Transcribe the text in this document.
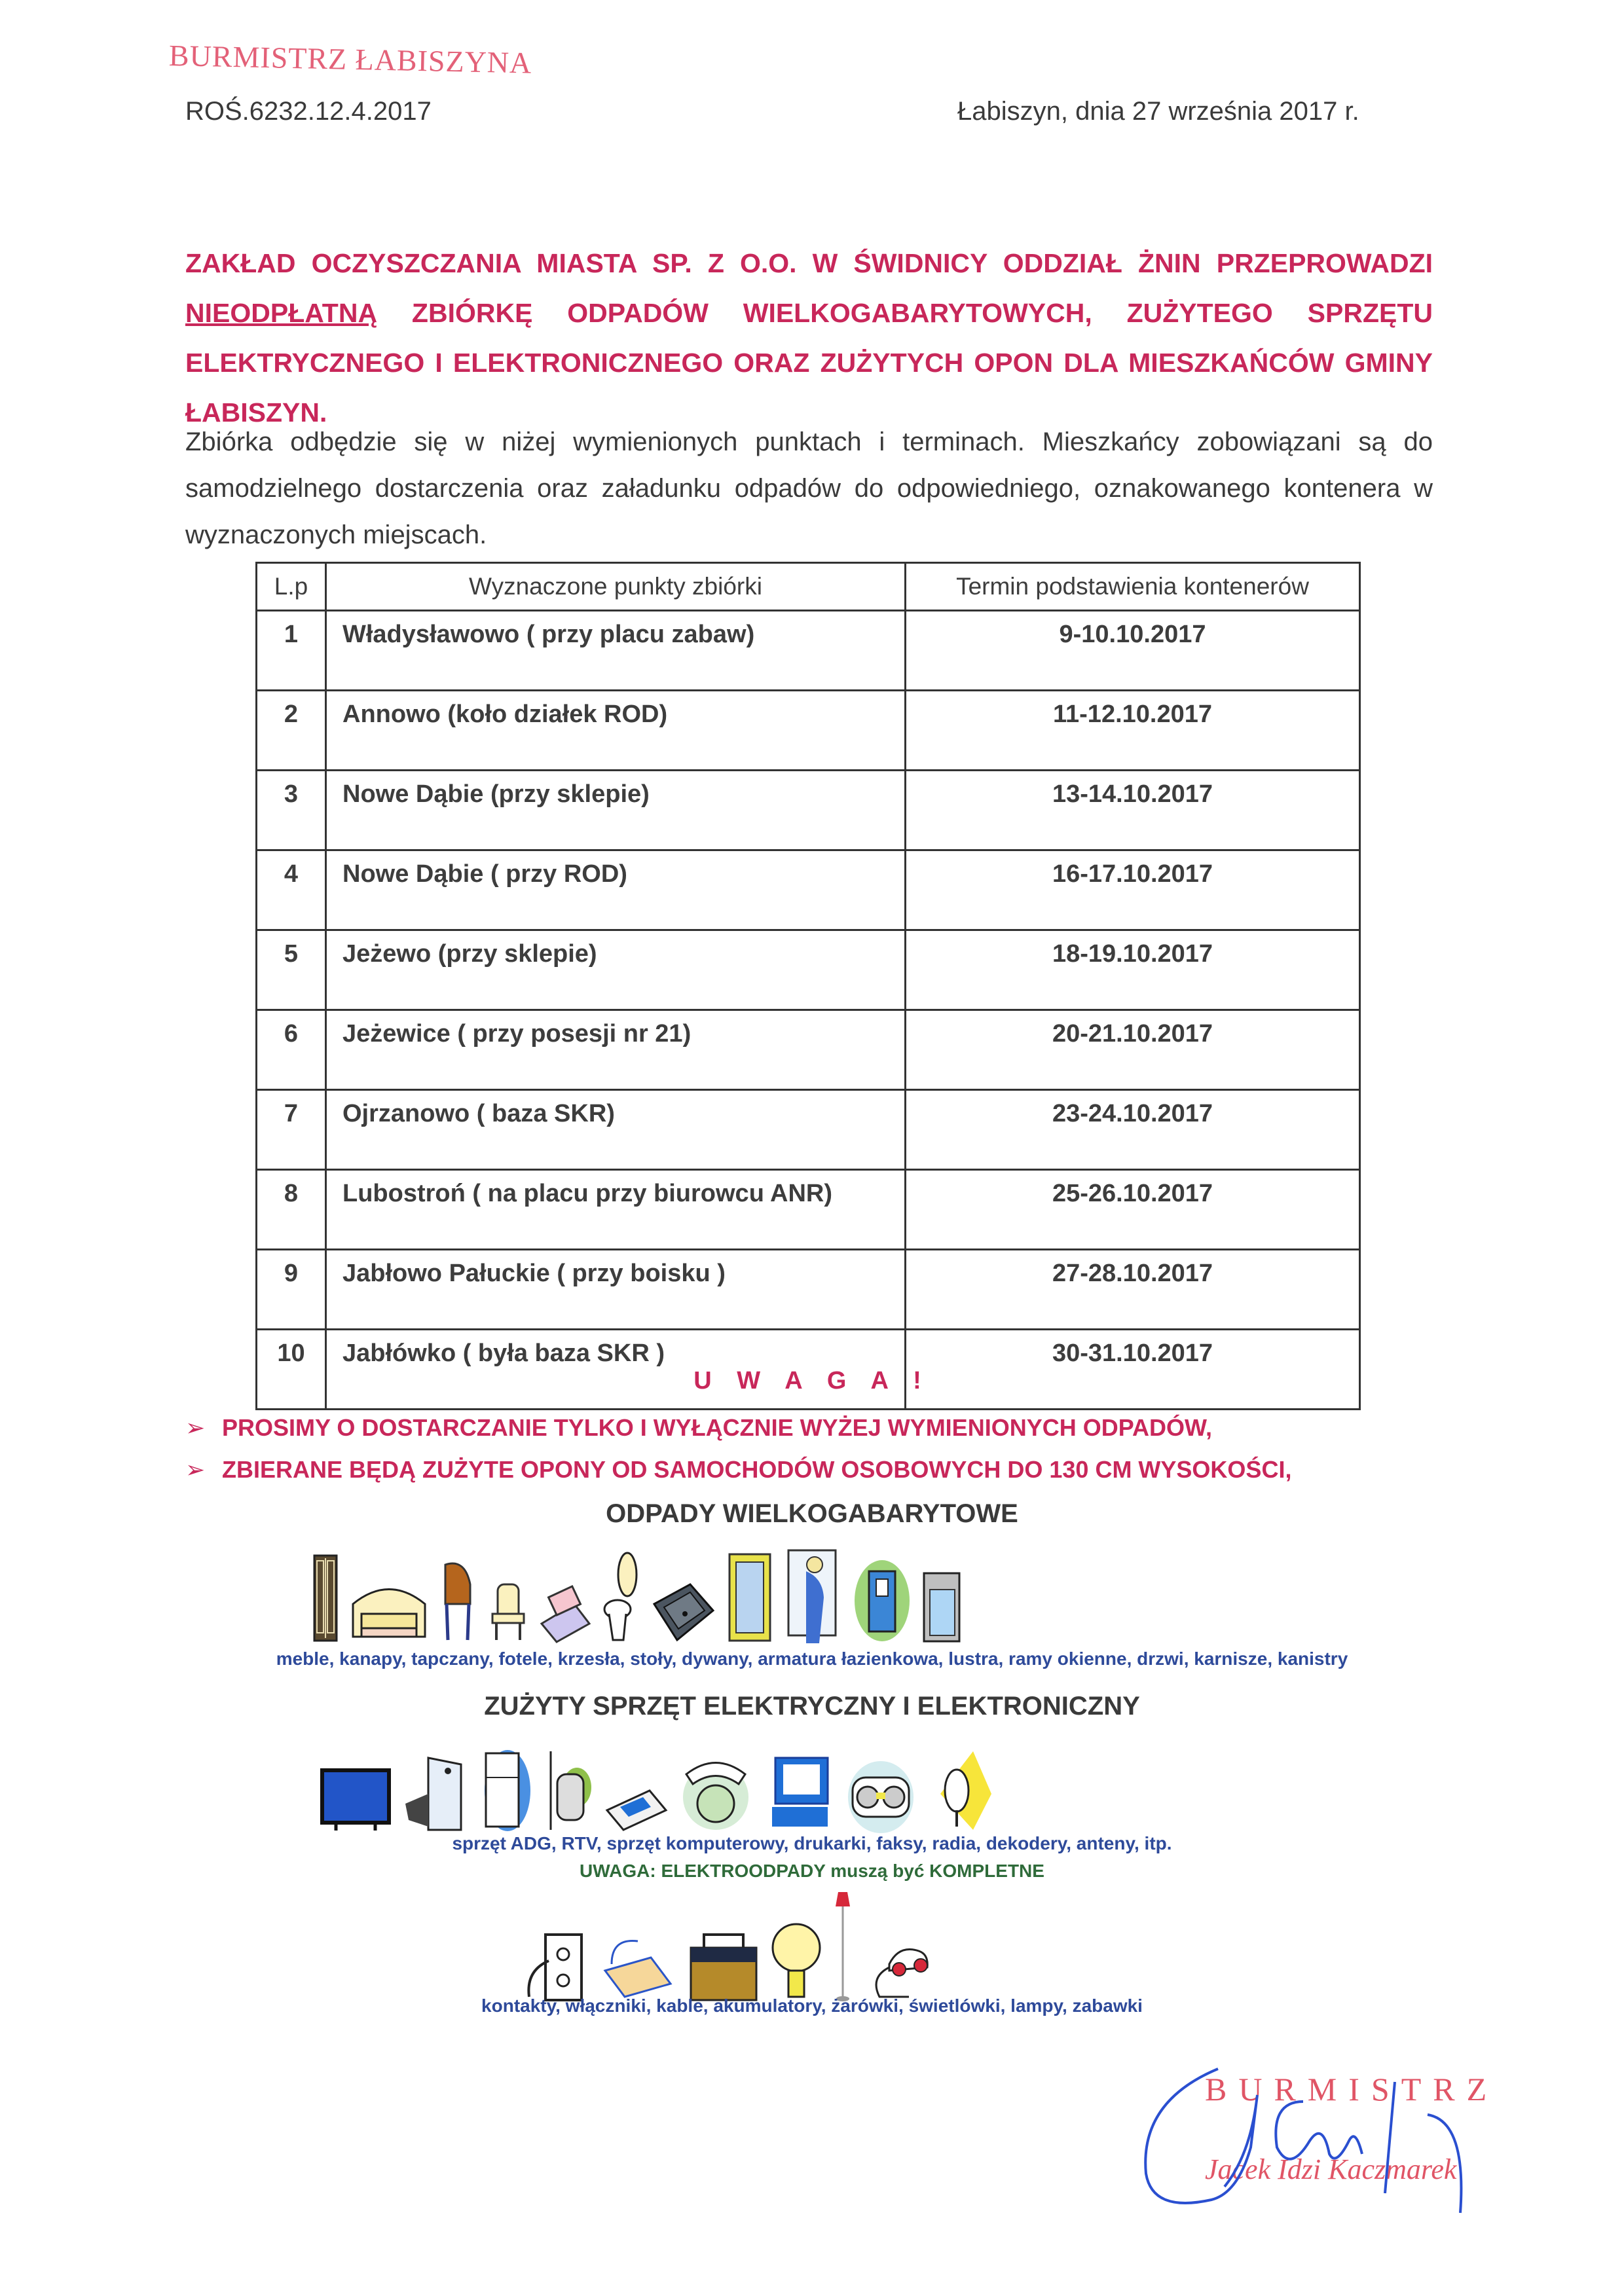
BURMISTRZ ŁABISZYNA
ROŚ.6232.12.4.2017	Łabiszyn, dnia 27 września 2017 r.
ZAKŁAD OCZYSZCZANIA MIASTA SP. Z O.O. W ŚWIDNICY ODDZIAŁ ŻNIN PRZEPROWADZI NIEODPŁATNĄ ZBIÓRKĘ ODPADÓW WIELKOGABARYTOWYCH, ZUŻYTEGO SPRZĘTU ELEKTRYCZNEGO I ELEKTRONICZNEGO ORAZ ZUŻYTYCH OPON DLA MIESZKAŃCÓW GMINY ŁABISZYN.
Zbiórka odbędzie się w niżej wymienionych punktach i terminach. Mieszkańcy zobowiązani są do samodzielnego dostarczenia oraz załadunku odpadów do odpowiedniego, oznakowanego kontenera w wyznaczonych miejscach.
L.p	Wyznaczone punkty zbiórki	Termin podstawienia kontenerów
1	Władysławowo ( przy placu zabaw)	9-10.10.2017
2	Annowo (koło działek ROD)	11-12.10.2017
3	Nowe Dąbie (przy sklepie)	13-14.10.2017
4	Nowe Dąbie ( przy ROD)	16-17.10.2017
5	Jeżewo (przy sklepie)	18-19.10.2017
6	Jeżewice ( przy posesji nr 21)	20-21.10.2017
7	Ojrzanowo ( baza SKR)	23-24.10.2017
8	Lubostroń ( na placu przy biurowcu ANR)	25-26.10.2017
9	Jabłowo Pałuckie ( przy boisku )	27-28.10.2017
10	Jabłówko ( była baza SKR )	30-31.10.2017
U W A G A !
➢ PROSIMY O DOSTARCZANIE TYLKO I WYŁĄCZNIE WYŻEJ WYMIENIONYCH ODPADÓW,
➢ ZBIERANE BĘDĄ ZUŻYTE OPONY OD SAMOCHODÓW OSOBOWYCH DO 130 CM WYSOKOŚCI,
ODPADY WIELKOGABARYTOWE
meble, kanapy, tapczany, fotele, krzesła, stoły, dywany, armatura łazienkowa, lustra, ramy okienne, drzwi, karnisze, kanistry
ZUŻYTY SPRZĘT ELEKTRYCZNY I ELEKTRONICZNY
sprzęt ADG, RTV, sprzęt komputerowy, drukarki, faksy, radia, dekodery, anteny, itp.
UWAGA: ELEKTROODPADY muszą być KOMPLETNE
kontakty, włączniki, kable, akumulatory, żarówki, świetlówki, lampy, zabawki
BURMISTRZ
Jacek Idzi Kaczmarek
